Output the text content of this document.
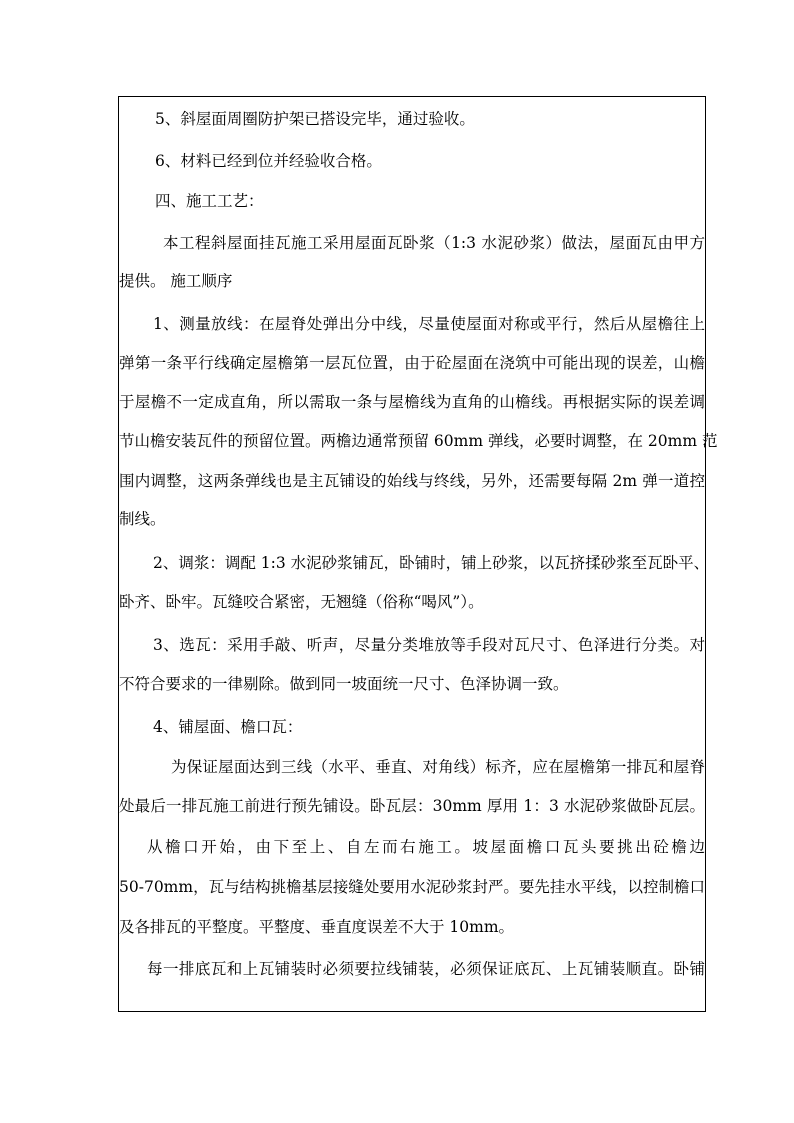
5、斜屋面周圈防护架已搭设完毕，通过验收。
6、材料已经到位并经验收合格。
四、施工工艺：
本工程斜屋面挂瓦施工采用屋面瓦卧浆（1:3 水泥砂浆）做法，屋面瓦由甲方
提供。 施工顺序
1、测量放线：在屋脊处弹出分中线，尽量使屋面对称或平行，然后从屋檐往上
弹第一条平行线确定屋檐第一层瓦位置，由于砼屋面在浇筑中可能出现的误差，山檐
于屋檐不一定成直角，所以需取一条与屋檐线为直角的山檐线。再根据实际的误差调
节山檐安装瓦件的预留位置。两檐边通常预留 60mm 弹线，必要时调整，在 20mm 范
围内调整，这两条弹线也是主瓦铺设的始线与终线，另外，还需要每隔 2m 弹一道控
制线。
2、调浆：调配 1:3 水泥砂浆铺瓦，卧铺时，铺上砂浆，以瓦挤揉砂浆至瓦卧平、
卧齐、卧牢。瓦缝咬合紧密，无翘缝（俗称“喝风”）。
3、选瓦：采用手敲、听声，尽量分类堆放等手段对瓦尺寸、色泽进行分类。对
不符合要求的一律剔除。做到同一坡面统一尺寸、色泽协调一致。
4、铺屋面、檐口瓦：
为保证屋面达到三线（水平、垂直、对角线）标齐，应在屋檐第一排瓦和屋脊
处最后一排瓦施工前进行预先铺设。卧瓦层：30mm 厚用 1：3 水泥砂浆做卧瓦层。
从檐口开始，由下至上、自左而右施工。坡屋面檐口瓦头要挑出砼檐边
50-70mm，瓦与结构挑檐基层接缝处要用水泥砂浆封严。要先挂水平线，以控制檐口
及各排瓦的平整度。平整度、垂直度误差不大于 10mm。
每一排底瓦和上瓦铺装时必须要拉线铺装，必须保证底瓦、上瓦铺装顺直。卧铺
